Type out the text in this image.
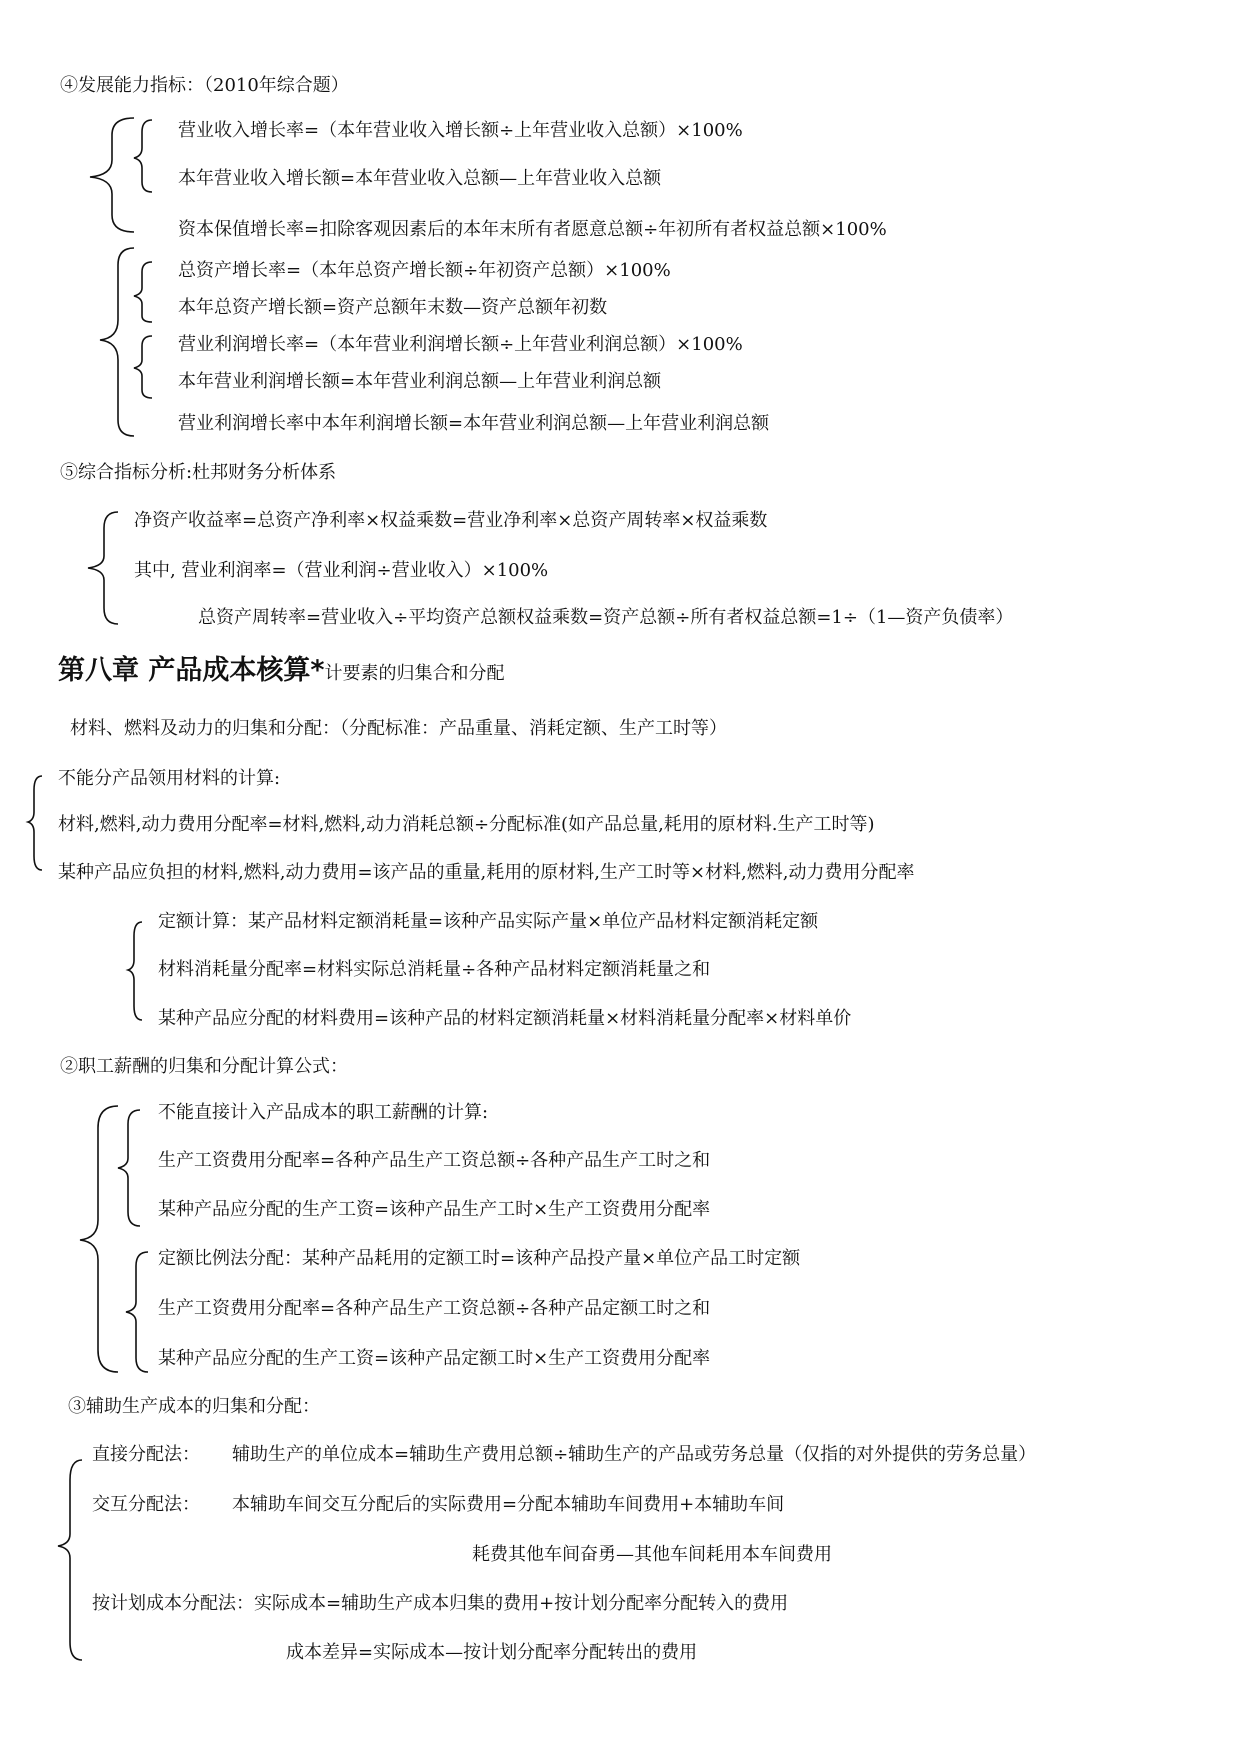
④发展能力指标：（2010年综合题）
营业收入增长率=（本年营业收入增长额÷上年营业收入总额）×100%
本年营业收入增长额=本年营业收入总额—上年营业收入总额
资本保值增长率=扣除客观因素后的本年末所有者愿意总额÷年初所有者权益总额×100%
总资产增长率=（本年总资产增长额÷年初资产总额）×100%
本年总资产增长额=资产总额年末数—资产总额年初数
营业利润增长率=（本年营业利润增长额÷上年营业利润总额）×100%
本年营业利润增长额=本年营业利润总额—上年营业利润总额
营业利润增长率中本年利润增长额=本年营业利润总额—上年营业利润总额
⑤综合指标分析:杜邦财务分析体系
净资产收益率=总资产净利率×权益乘数=营业净利率×总资产周转率×权益乘数
其中, 营业利润率=（营业利润÷营业收入）×100%
总资产周转率=营业收入÷平均资产总额权益乘数=资产总额÷所有者权益总额=1÷（1—资产负债率）
第八章 产品成本核算*计要素的归集合和分配
材料、燃料及动力的归集和分配：（分配标准：产品重量、消耗定额、生产工时等）
不能分产品领用材料的计算:
材料,燃料,动力费用分配率=材料,燃料,动力消耗总额÷分配标准(如产品总量,耗用的原材料.生产工时等)
某种产品应负担的材料,燃料,动力费用=该产品的重量,耗用的原材料,生产工时等×材料,燃料,动力费用分配率
定额计算：某产品材料定额消耗量=该种产品实际产量×单位产品材料定额消耗定额
材料消耗量分配率=材料实际总消耗量÷各种产品材料定额消耗量之和
某种产品应分配的材料费用=该种产品的材料定额消耗量×材料消耗量分配率×材料单价
②职工薪酬的归集和分配计算公式：
不能直接计入产品成本的职工薪酬的计算:
生产工资费用分配率=各种产品生产工资总额÷各种产品生产工时之和
某种产品应分配的生产工资=该种产品生产工时×生产工资费用分配率
定额比例法分配：某种产品耗用的定额工时=该种产品投产量×单位产品工时定额
生产工资费用分配率=各种产品生产工资总额÷各种产品定额工时之和
某种产品应分配的生产工资=该种产品定额工时×生产工资费用分配率
③辅助生产成本的归集和分配：
直接分配法： 辅助生产的单位成本=辅助生产费用总额÷辅助生产的产品或劳务总量（仅指的对外提供的劳务总量）
交互分配法： 本辅助车间交互分配后的实际费用=分配本辅助车间费用+本辅助车间
耗费其他车间奋勇—其他车间耗用本车间费用
按计划成本分配法：实际成本=辅助生产成本归集的费用+按计划分配率分配转入的费用
成本差异=实际成本—按计划分配率分配转出的费用
